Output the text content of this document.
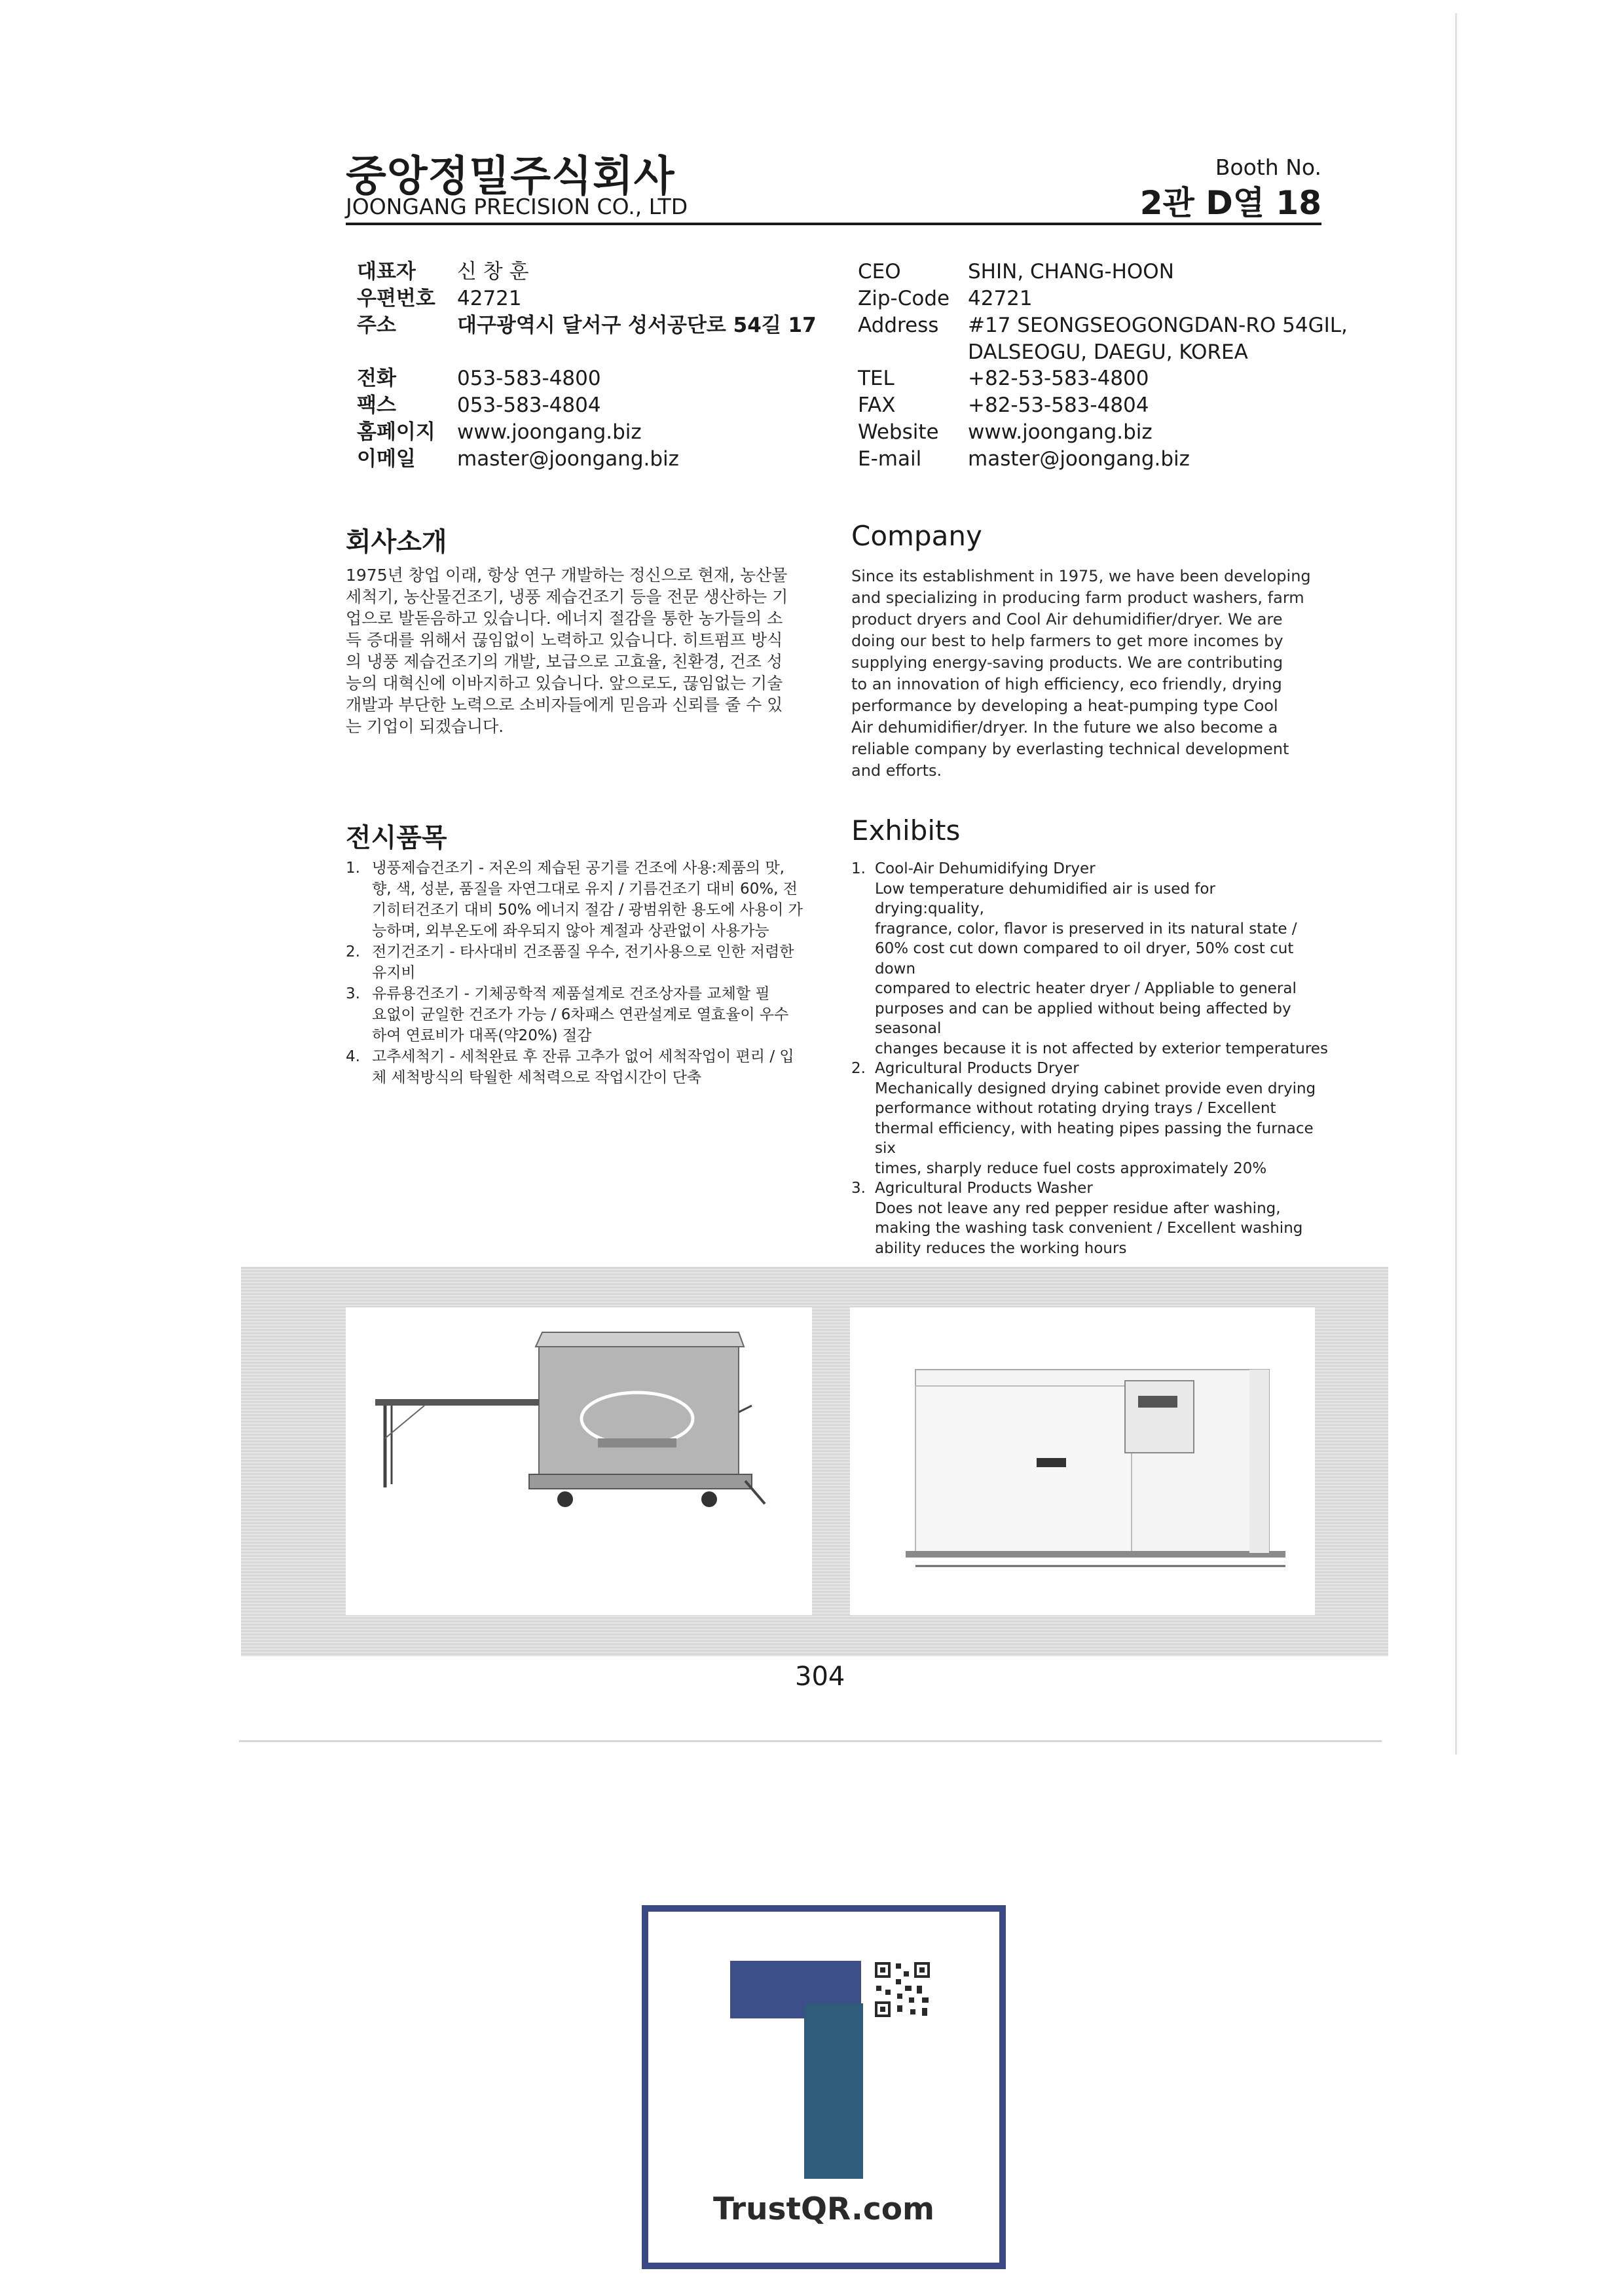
중앙정밀주식회사
JOONGANG PRECISION CO., LTD
Booth No.
2관 D열 18
대표자 신 창 훈
우편번호 42721
주소	대구광역시 달서구 성서공단로 54길 17
전화	053-583-4800
팩스	053-583-4804
홈페이지 www.joongang.biz
이메일 master@joongang.biz
CEO	SHIN, CHANG-HOON
Zip-Code 42721
Address #17 SEONGSEOGONGDAN-RO 54GIL,
DALSEOGU, DAEGU, KOREA
TEL	+82-53-583-4800
FAX	+82-53-583-4804
Website www.joongang.biz
E-mail master@joongang.biz
회사소개
1975년 창업 이래, 항상 연구 개발하는 정신으로 현재, 농산물
세척기, 농산물건조기, 냉풍 제습건조기 등을 전문 생산하는 기
업으로 발돋음하고 있습니다. 에너지 절감을 통한 농가들의 소
득 증대를 위해서 끊임없이 노력하고 있습니다. 히트펌프 방식
의 냉풍 제습건조기의 개발, 보급으로 고효율, 친환경, 건조 성
능의 대혁신에 이바지하고 있습니다. 앞으로도, 끊임없는 기술
개발과 부단한 노력으로 소비자들에게 믿음과 신뢰를 줄 수 있
는 기업이 되겠습니다.
Company
Since its establishment in 1975, we have been developing
and specializing in producing farm product washers, farm
product dryers and Cool Air dehumidifier/dryer. We are
doing our best to help farmers to get more incomes by
supplying energy-saving products. We are contributing
to an innovation of high efficiency, eco friendly, drying
performance by developing a heat-pumping type Cool
Air dehumidifier/dryer. In the future we also become a
reliable company by everlasting technical development
and efforts.
전시품목
1. 냉풍제습건조기 - 저온의 제습된 공기를 건조에 사용:제품의 맛,
향, 색, 성분, 품질을 자연그대로 유지 / 기름건조기 대비 60%, 전
기히터건조기 대비 50% 에너지 절감 / 광범위한 용도에 사용이 가
능하며, 외부온도에 좌우되지 않아 계절과 상관없이 사용가능
2. 전기건조기 - 타사대비 건조품질 우수, 전기사용으로 인한 저렴한
유지비
3. 유류용건조기 - 기체공학적 제품설계로 건조상자를 교체할 필
요없이 균일한 건조가 가능 / 6차패스 연관설계로 열효율이 우수
하여 연료비가 대폭(약20%) 절감
4. 고추세척기 - 세척완료 후 잔류 고추가 없어 세척작업이 편리 / 입
체 세척방식의 탁월한 세척력으로 작업시간이 단축
Exhibits
1. Cool-Air Dehumidifying Dryer
Low temperature dehumidified air is used for drying:quality,
fragrance, color, flavor is preserved in its natural state /
60% cost cut down compared to oil dryer, 50% cost cut down
compared to electric heater dryer / Appliable to general
purposes and can be applied without being affected by seasonal
changes because it is not affected by exterior temperatures
2. Agricultural Products Dryer
Mechanically designed drying cabinet provide even drying
performance without rotating drying trays / Excellent
thermal efficiency, with heating pipes passing the furnace six
times, sharply reduce fuel costs approximately 20%
3. Agricultural Products Washer
Does not leave any red pepper residue after washing,
making the washing task convenient / Excellent washing
ability reduces the working hours
304
TrustQR.com
